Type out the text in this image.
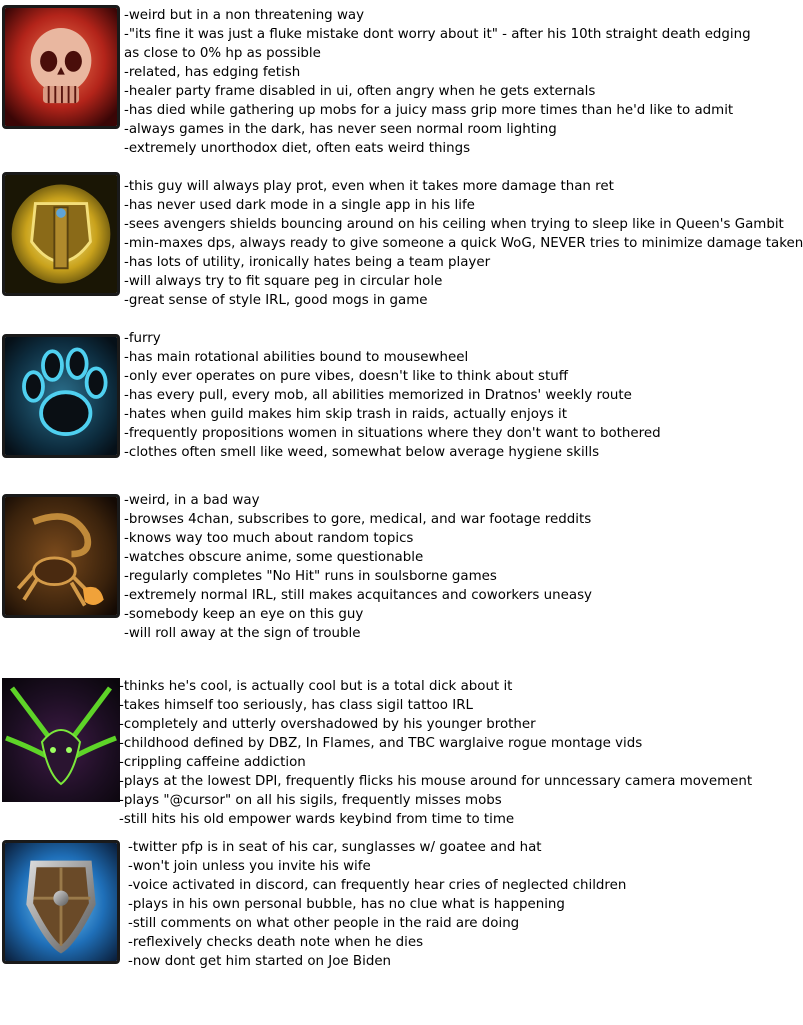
-weird but in a non threatening way
-"its fine it was just a fluke mistake dont worry about it" - after his 10th straight death edging
as close to 0% hp as possible
-related, has edging fetish
-healer party frame disabled in ui, often angry when he gets externals
-has died while gathering up mobs for a juicy mass grip more times than he'd like to admit
-always games in the dark, has never seen normal room lighting
-extremely unorthodox diet, often eats weird things
-this guy will always play prot, even when it takes more damage than ret
-has never used dark mode in a single app in his life
-sees avengers shields bouncing around on his ceiling when trying to sleep like in Queen's Gambit
-min-maxes dps, always ready to give someone a quick WoG, NEVER tries to minimize damage taken
-has lots of utility, ironically hates being a team player
-will always try to fit square peg in circular hole
-great sense of style IRL, good mogs in game
-furry
-has main rotational abilities bound to mousewheel
-only ever operates on pure vibes, doesn't like to think about stuff
-has every pull, every mob, all abilities memorized in Dratnos' weekly route
-hates when guild makes him skip trash in raids, actually enjoys it
-frequently propositions women in situations where they don't want to bothered
-clothes often smell like weed, somewhat below average hygiene skills
-weird, in a bad way
-browses 4chan, subscribes to gore, medical, and war footage reddits
-knows way too much about random topics
-watches obscure anime, some questionable
-regularly completes "No Hit" runs in soulsborne games
-extremely normal IRL, still makes acquitances and coworkers uneasy
-somebody keep an eye on this guy
-will roll away at the sign of trouble
-thinks he's cool, is actually cool but is a total dick about it
-takes himself too seriously, has class sigil tattoo IRL
-completely and utterly overshadowed by his younger brother
-childhood defined by DBZ, In Flames, and TBC warglaive rogue montage vids
-crippling caffeine addiction
-plays at the lowest DPI, frequently flicks his mouse around for unncessary camera movement
-plays "@cursor" on all his sigils, frequently misses mobs
-still hits his old empower wards keybind from time to time
-twitter pfp is in seat of his car, sunglasses w/ goatee and hat
-won't join unless you invite his wife
-voice activated in discord, can frequently hear cries of neglected children
-plays in his own personal bubble, has no clue what is happening
-still comments on what other people in the raid are doing
-reflexively checks death note when he dies
-now dont get him started on Joe Biden
